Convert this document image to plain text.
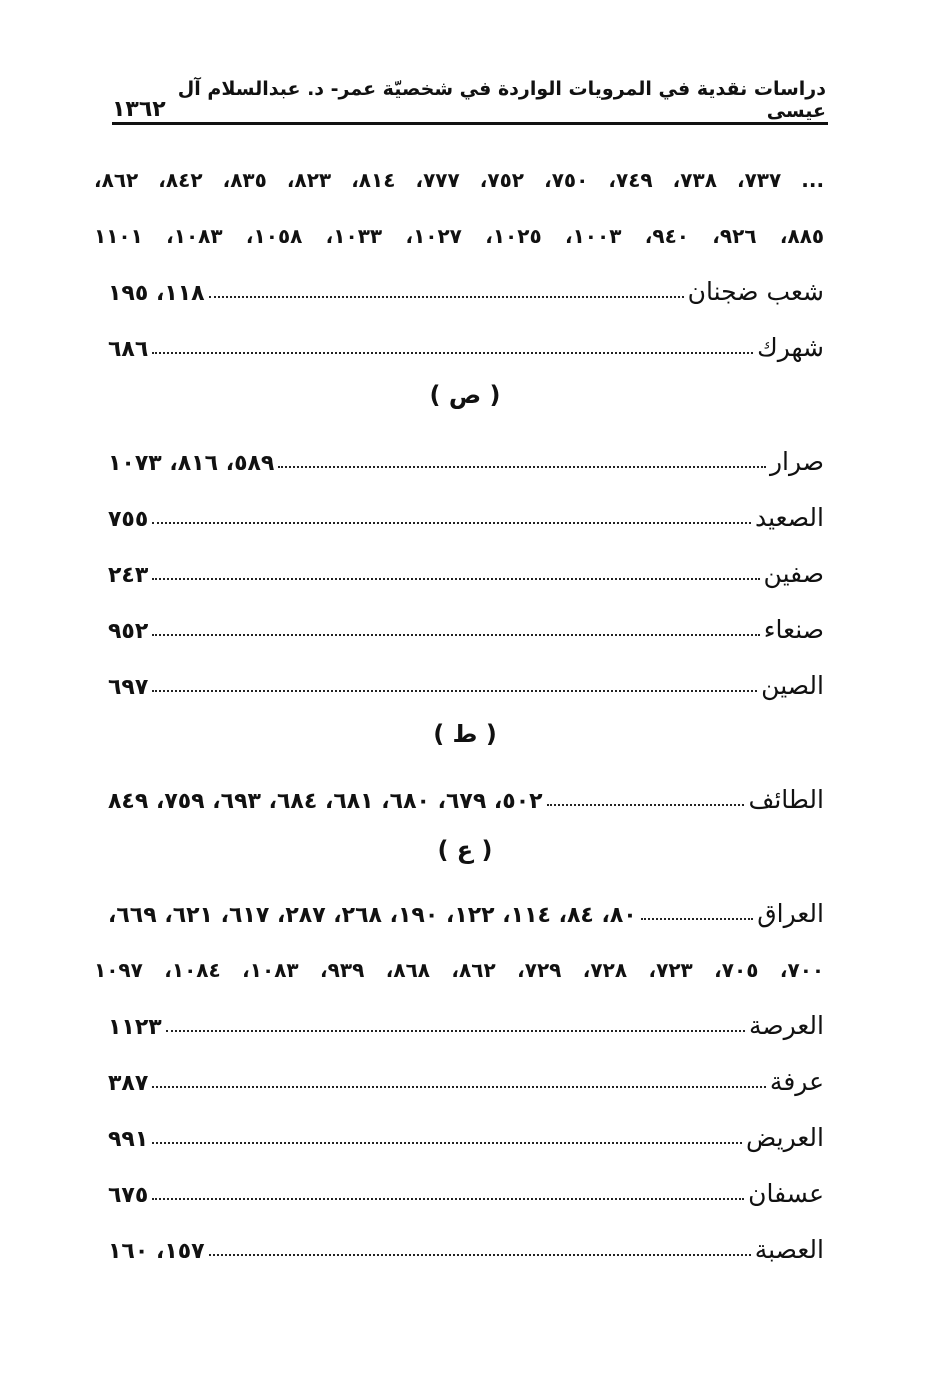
دراسات نقدية في المرويات الواردة في شخصيّة عمر- د. عبدالسلام آل عيسى
١٣٦٢
... ٧٣٧، ٧٣٨، ٧٤٩، ٧٥٠، ٧٥٢، ٧٧٧، ٨١٤، ٨٢٣، ٨٣٥، ٨٤٢، ٨٦٢،
٨٨٥، ٩٢٦، ٩٤٠، ١٠٠٣، ١٠٢٥، ١٠٢٧، ١٠٣٣، ١٠٥٨، ١٠٨٣، ١١٠١
شعب ضجنان
١١٨، ١٩٥
شهرك
٦٨٦
( ص )
صرار
٥٨٩، ٨١٦، ١٠٧٣
الصعيد
٧٥٥
صفين
٢٤٣
صنعاء
٩٥٢
الصين
٦٩٧
( ط )
الطائف
٥٠٢، ٦٧٩، ٦٨٠، ٦٨١، ٦٨٤، ٦٩٣، ٧٥٩، ٨٤٩
( ع )
العراق
٨٠، ٨٤، ١١٤، ١٢٢، ١٩٠، ٢٦٨، ٢٨٧، ٦١٧، ٦٢١، ٦٦٩،
٧٠٠، ٧٠٥، ٧٢٣، ٧٢٨، ٧٢٩، ٨٦٢، ٨٦٨، ٩٣٩، ١٠٨٣، ١٠٨٤، ١٠٩٧
العرصة
١١٢٣
عرفة
٣٨٧
العريض
٩٩١
عسفان
٦٧٥
العصبة
١٥٧، ١٦٠
